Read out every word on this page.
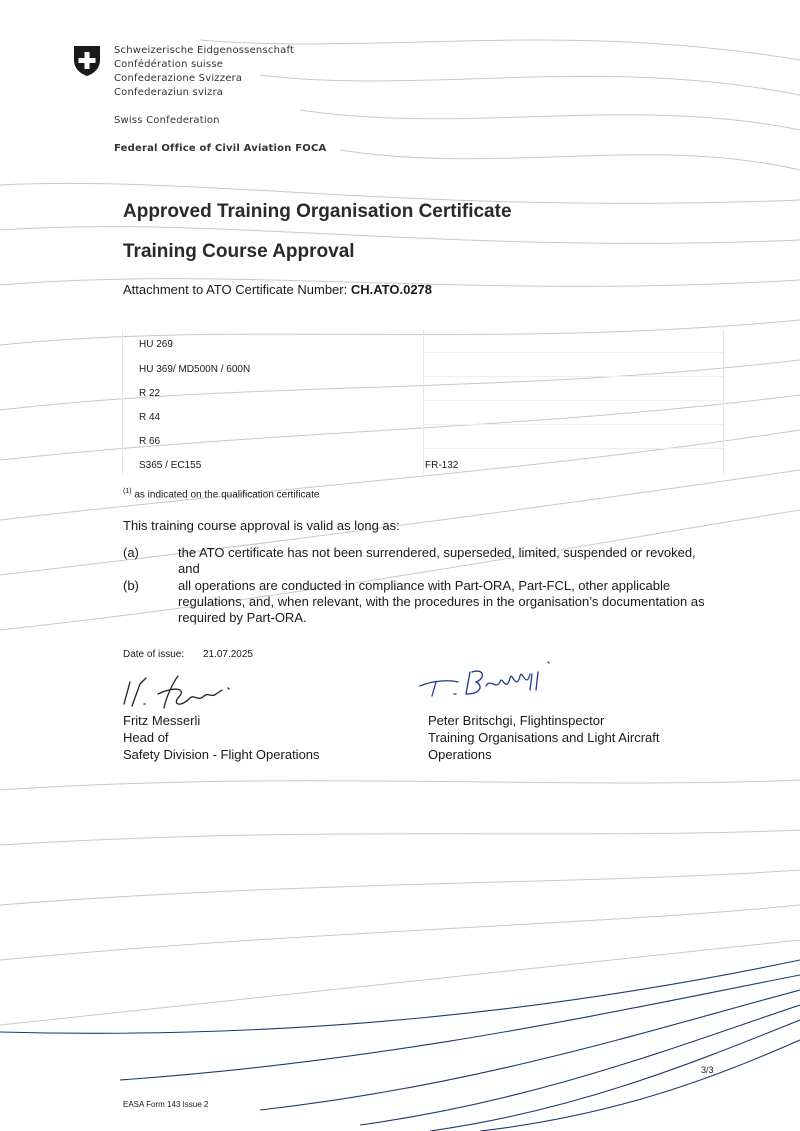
Schweizerische Eidgenossenschaft
Confédération suisse
Confederazione Svizzera
Confederaziun svizra
Swiss Confederation
Federal Office of Civil Aviation FOCA
Approved Training Organisation Certificate
Training Course Approval
Attachment to ATO Certificate Number: CH.ATO.0278
HU 269
HU 369/ MD500N / 600N
R 22
R 44
R 66
S365 / EC155	FR-132
$^{(1)}$ as indicated on the qualification certificate
This training course approval is valid as long as:
(a)	the ATO certificate has not been surrendered, superseded, limited, suspended or revoked, and
(b)	all operations are conducted in compliance with Part-ORA, Part-FCL, other applicable regulations, and, when relevant, with the procedures in the organisation’s documentation as required by Part-ORA.
Date of issue: 21.07.2025
Fritz Messerli
Head of
Safety Division - Flight Operations
Peter Britschgi, Flightinspector
Training Organisations and Light Aircraft
Operations
3/3
EASA Form 143 Issue 2
